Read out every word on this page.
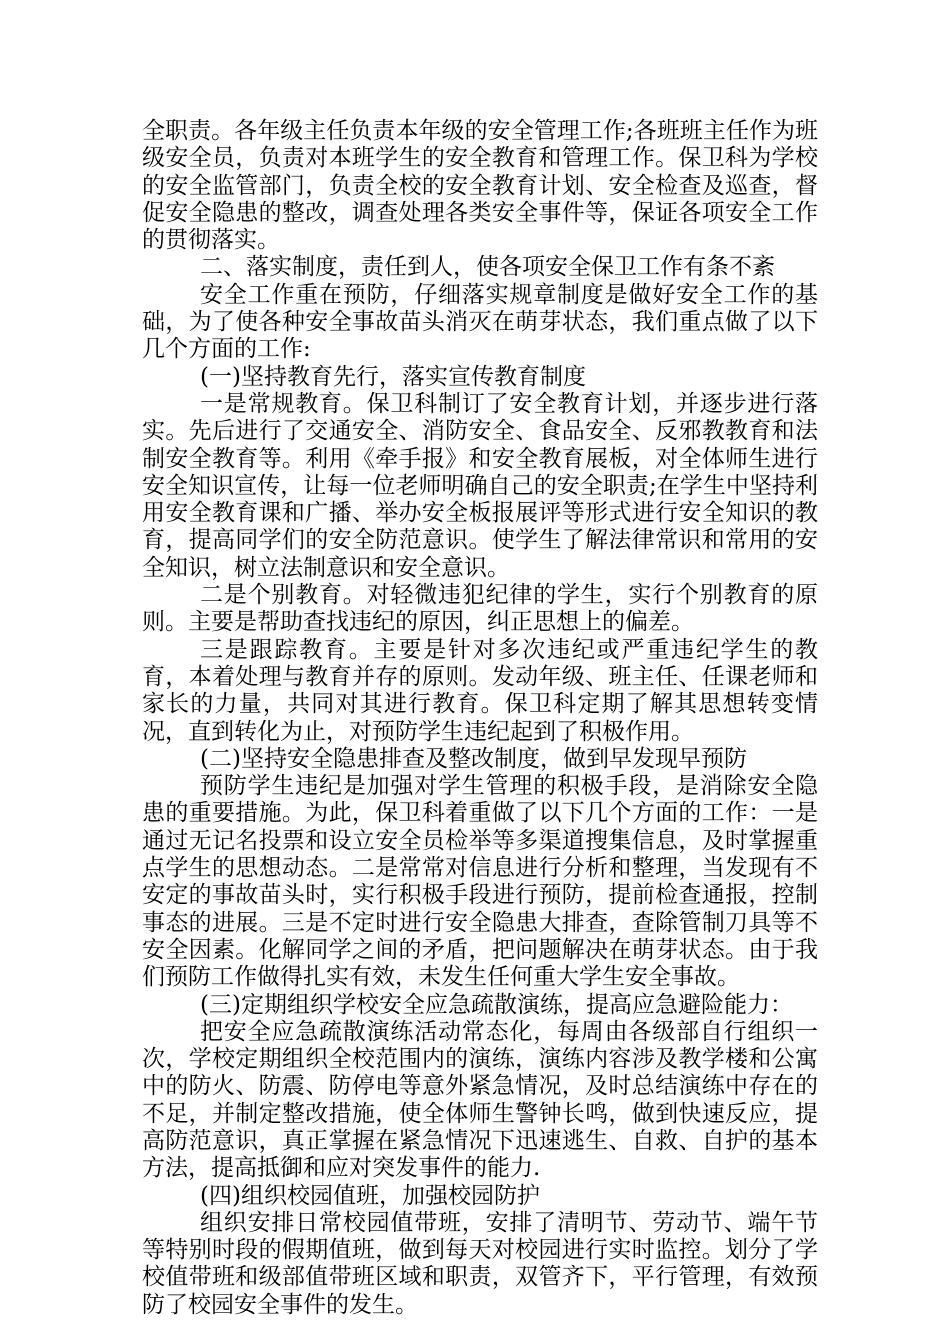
全职责。各年级主任负责本年级的安全管理工作;各班班主任作为班级安全员，负责对本班学生的安全教育和管理工作。保卫科为学校的安全监管部门，负责全校的安全教育计划、安全检查及巡查，督促安全隐患的整改，调查处理各类安全事件等，保证各项安全工作的贯彻落实。

二、落实制度，责任到人，使各项安全保卫工作有条不紊

安全工作重在预防，仔细落实规章制度是做好安全工作的基础，为了使各种安全事故苗头消灭在萌芽状态，我们重点做了以下几个方面的工作:

(一)坚持教育先行，落实宣传教育制度

一是常规教育。保卫科制订了安全教育计划，并逐步进行落实。先后进行了交通安全、消防安全、食品安全、反邪教教育和法制安全教育等。利用《牵手报》和安全教育展板，对全体师生进行安全知识宣传，让每一位老师明确自己的安全职责;在学生中坚持利用安全教育课和广播、举办安全板报展评等形式进行安全知识的教育，提高同学们的安全防范意识。使学生了解法律常识和常用的安全知识，树立法制意识和安全意识。

二是个别教育。对轻微违犯纪律的学生，实行个别教育的原则。主要是帮助查找违纪的原因，纠正思想上的偏差。

三是跟踪教育。主要是针对多次违纪或严重违纪学生的教育，本着处理与教育并存的原则。发动年级、班主任、任课老师和家长的力量，共同对其进行教育。保卫科定期了解其思想转变情况，直到转化为止，对预防学生违纪起到了积极作用。

(二)坚持安全隐患排查及整改制度，做到早发现早预防

预防学生违纪是加强对学生管理的积极手段，是消除安全隐患的重要措施。为此，保卫科着重做了以下几个方面的工作：一是通过无记名投票和设立安全员检举等多渠道搜集信息，及时掌握重点学生的思想动态。二是常常对信息进行分析和整理，当发现有不安定的事故苗头时，实行积极手段进行预防，提前检查通报，控制事态的进展。三是不定时进行安全隐患大排查，查除管制刀具等不安全因素。化解同学之间的矛盾，把问题解决在萌芽状态。由于我们预防工作做得扎实有效，未发生任何重大学生安全事故。

(三)定期组织学校安全应急疏散演练，提高应急避险能力：

把安全应急疏散演练活动常态化，每周由各级部自行组织一次，学校定期组织全校范围内的演练，演练内容涉及教学楼和公寓中的防火、防震、防停电等意外紧急情况，及时总结演练中存在的不足，并制定整改措施，使全体师生警钟长鸣，做到快速反应，提高防范意识，真正掌握在紧急情况下迅速逃生、自救、自护的基本方法，提高抵御和应对突发事件的能力.

(四)组织校园值班，加强校园防护

组织安排日常校园值带班，安排了清明节、劳动节、端午节等特别时段的假期值班，做到每天对校园进行实时监控。划分了学校值带班和级部值带班区域和职责，双管齐下，平行管理，有效预防了校园安全事件的发生。
